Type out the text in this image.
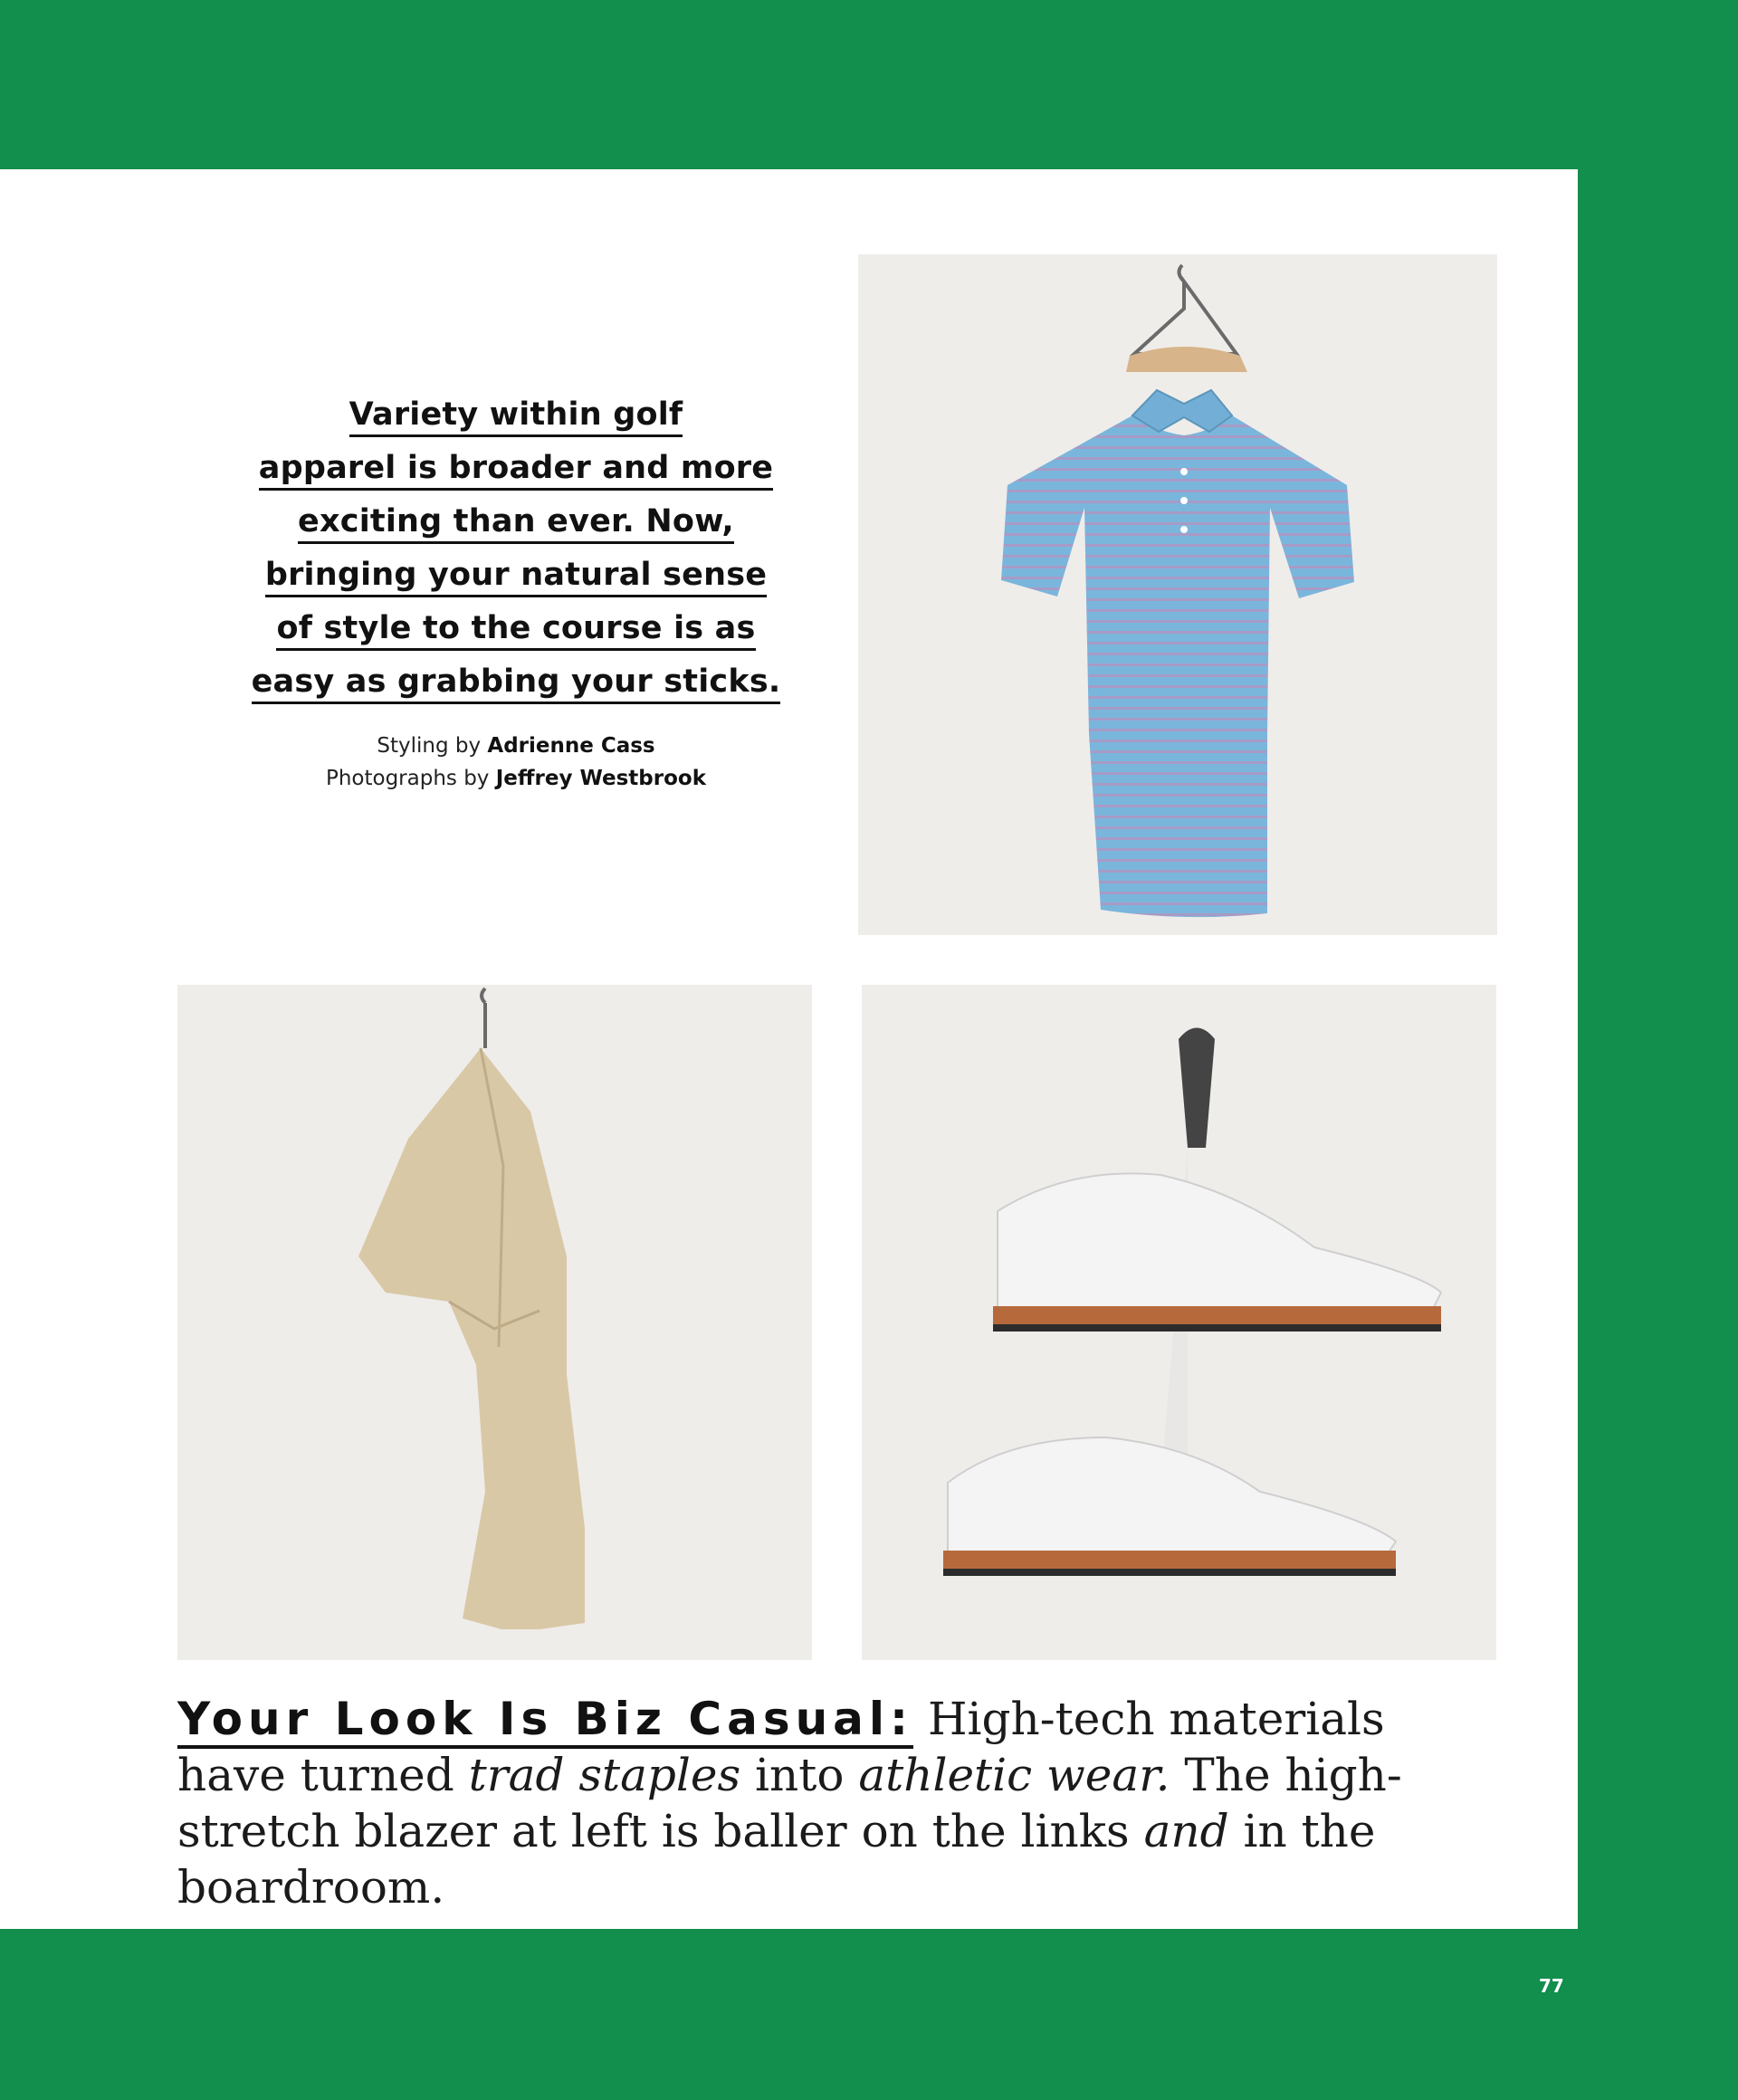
Variety within golf
apparel is broader and more
exciting than ever. Now,
bringing your natural sense
of style to the course is as
easy as grabbing your sticks.
Styling by Adrienne Cass
Photographs by Jeffrey Westbrook
Your Look Is Biz Casual: High-tech materials have turned trad staples into athletic wear. The high-stretch blazer at left is baller on the links and in the boardroom.
77
